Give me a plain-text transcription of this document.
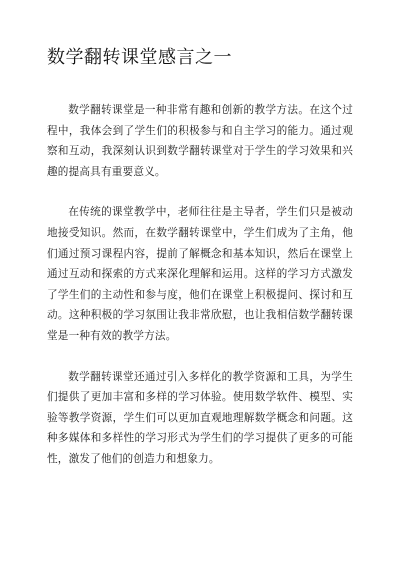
数学翻转课堂感言之一

数学翻转课堂是一种非常有趣和创新的教学方法。在这个过程中，我体会到了学生们的积极参与和自主学习的能力。通过观察和互动，我深刻认识到数学翻转课堂对于学生的学习效果和兴趣的提高具有重要意义。

在传统的课堂教学中，老师往往是主导者，学生们只是被动地接受知识。然而，在数学翻转课堂中，学生们成为了主角，他们通过预习课程内容，提前了解概念和基本知识，然后在课堂上通过互动和探索的方式来深化理解和运用。这样的学习方式激发了学生们的主动性和参与度，他们在课堂上积极提问、探讨和互动。这种积极的学习氛围让我非常欣慰，也让我相信数学翻转课堂是一种有效的教学方法。

数学翻转课堂还通过引入多样化的教学资源和工具，为学生们提供了更加丰富和多样的学习体验。使用数学软件、模型、实验等教学资源，学生们可以更加直观地理解数学概念和问题。这种多媒体和多样性的学习形式为学生们的学习提供了更多的可能性，激发了他们的创造力和想象力。
